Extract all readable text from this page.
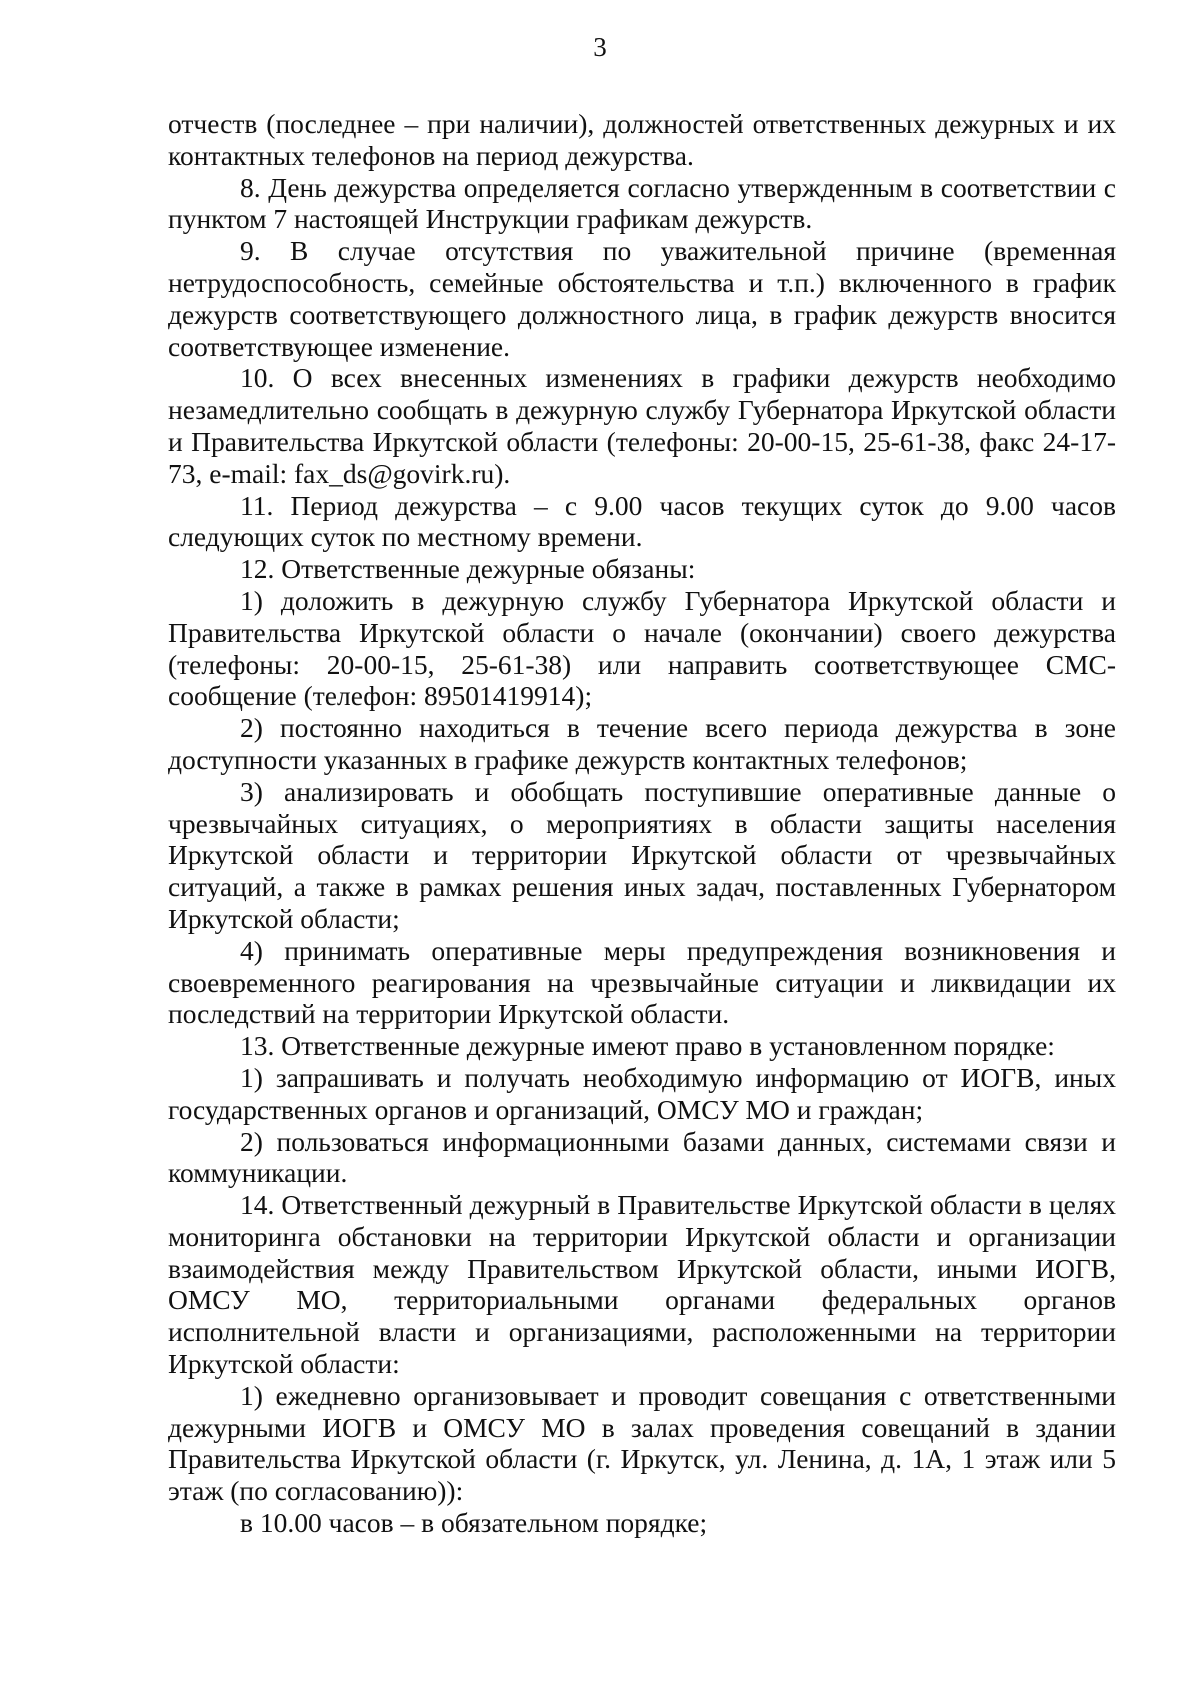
3

отчеств (последнее – при наличии), должностей ответственных дежурных и их контактных телефонов на период дежурства.

8. День дежурства определяется согласно утвержденным в соответствии с пунктом 7 настоящей Инструкции графикам дежурств.

9. В случае отсутствия по уважительной причине (временная нетрудоспособность, семейные обстоятельства и т.п.) включенного в график дежурств соответствующего должностного лица, в график дежурств вносится соответствующее изменение.

10. О всех внесенных изменениях в графики дежурств необходимо незамедлительно сообщать в дежурную службу Губернатора Иркутской области и Правительства Иркутской области (телефоны: 20-00-15, 25-61-38, факс 24-17-73, e-mail: fax_ds@govirk.ru).

11. Период дежурства – с 9.00 часов текущих суток до 9.00 часов следующих суток по местному времени.

12. Ответственные дежурные обязаны:

1) доложить в дежурную службу Губернатора Иркутской области и Правительства Иркутской области о начале (окончании) своего дежурства (телефоны: 20-00-15, 25-61-38) или направить соответствующее СМС-сообщение (телефон: 89501419914);

2) постоянно находиться в течение всего периода дежурства в зоне доступности указанных в графике дежурств контактных телефонов;

3) анализировать и обобщать поступившие оперативные данные о чрезвычайных ситуациях, о мероприятиях в области защиты населения Иркутской области и территории Иркутской области от чрезвычайных ситуаций, а также в рамках решения иных задач, поставленных Губернатором Иркутской области;

4) принимать оперативные меры предупреждения возникновения и своевременного реагирования на чрезвычайные ситуации и ликвидации их последствий на территории Иркутской области.

13. Ответственные дежурные имеют право в установленном порядке:

1) запрашивать и получать необходимую информацию от ИОГВ, иных государственных органов и организаций, ОМСУ МО и граждан;

2) пользоваться информационными базами данных, системами связи и коммуникации.

14. Ответственный дежурный в Правительстве Иркутской области в целях мониторинга обстановки на территории Иркутской области и организации взаимодействия между Правительством Иркутской области, иными ИОГВ, ОМСУ МО, территориальными органами федеральных органов исполнительной власти и организациями, расположенными на территории Иркутской области:

1) ежедневно организовывает и проводит совещания с ответственными дежурными ИОГВ и ОМСУ МО в залах проведения совещаний в здании Правительства Иркутской области (г. Иркутск, ул. Ленина, д. 1А, 1 этаж или 5 этаж (по согласованию)):

в 10.00 часов – в обязательном порядке;
